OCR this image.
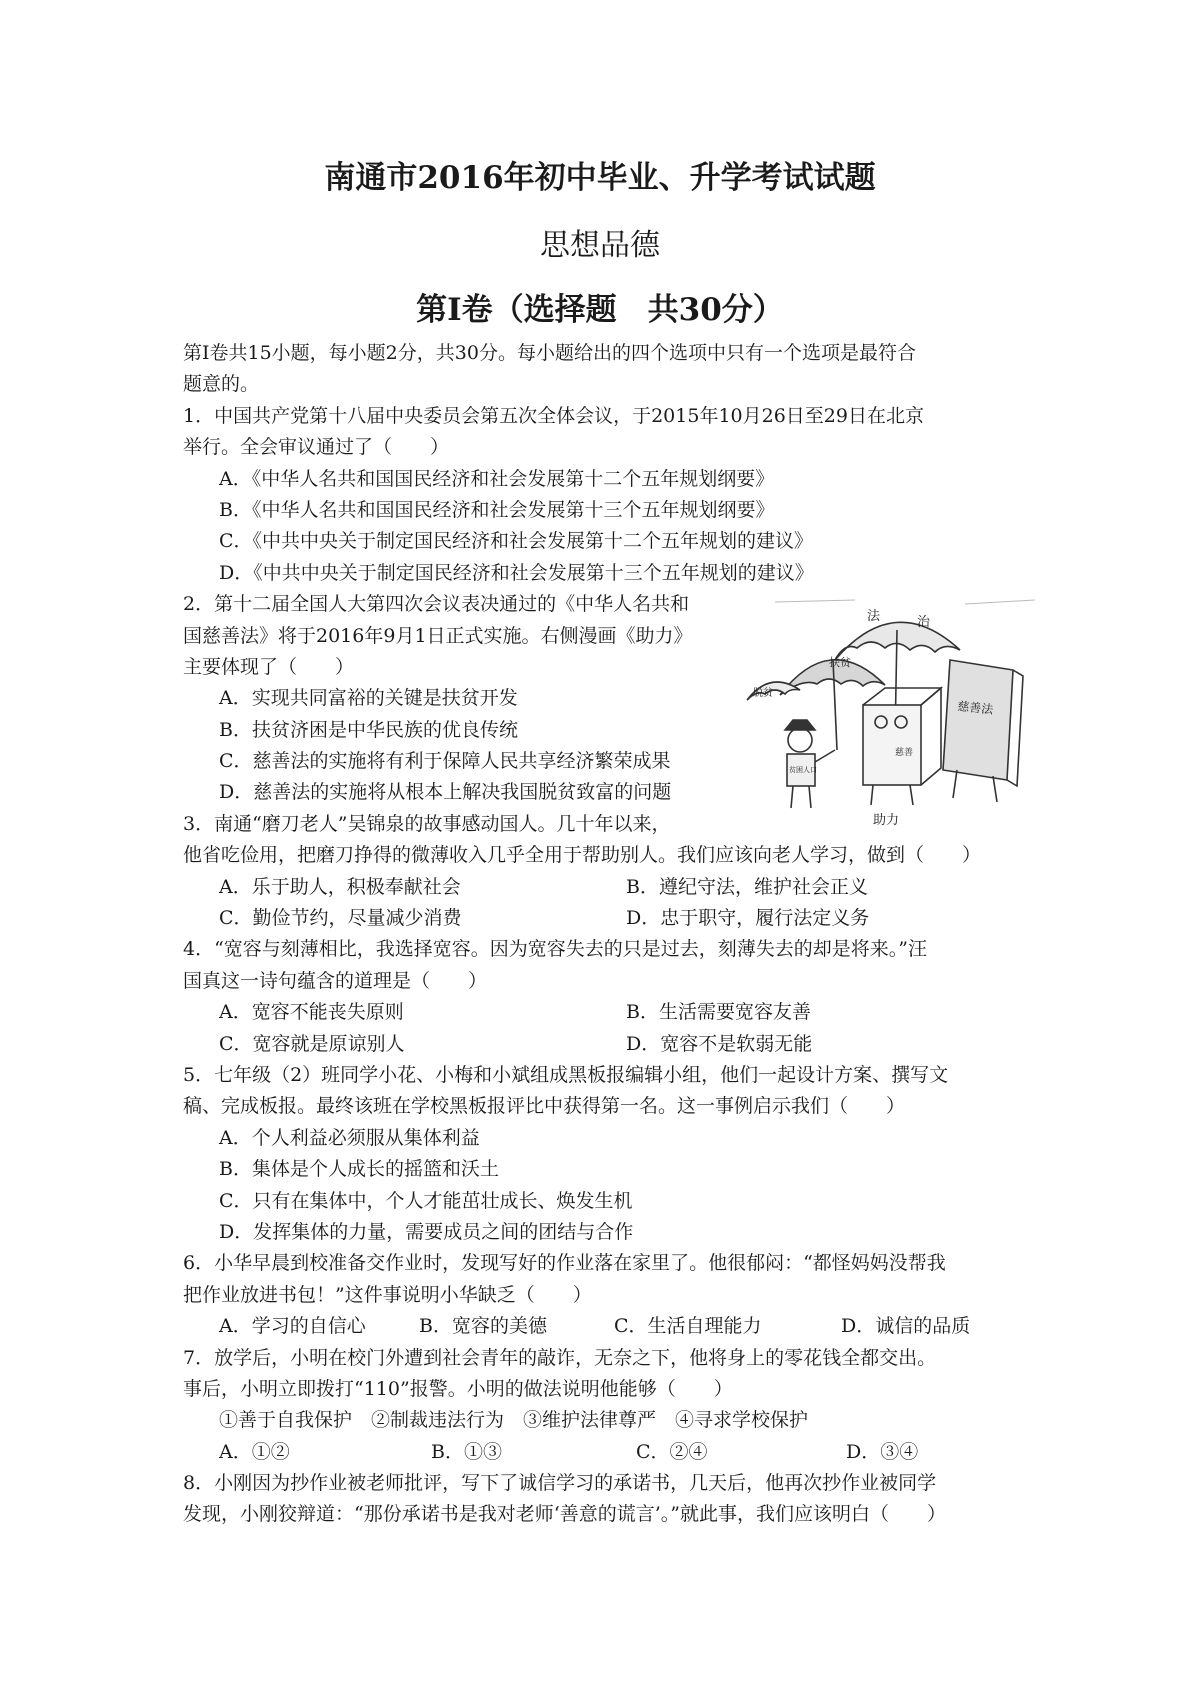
南通市2016年初中毕业、升学考试试题
思想品德
第Ⅰ卷（选择题　共30分）
第Ⅰ卷共15小题，每小题2分，共30分。每小题给出的四个选项中只有一个选项是最符合
题意的。
1．中国共产党第十八届中央委员会第五次全体会议，于2015年10月26日至29日在北京
举行。全会审议通过了（　　）
A．《中华人名共和国国民经济和社会发展第十二个五年规划纲要》
B．《中华人名共和国国民经济和社会发展第十三个五年规划纲要》
C．《中共中央关于制定国民经济和社会发展第十二个五年规划的建议》
D．《中共中央关于制定国民经济和社会发展第十三个五年规划的建议》
2．第十二届全国人大第四次会议表决通过的《中华人名共和
国慈善法》将于2016年9月1日正式实施。右侧漫画《助力》
主要体现了（　　）
A．实现共同富裕的关键是扶贫开发
B．扶贫济困是中华民族的优良传统
C．慈善法的实施将有利于保障人民共享经济繁荣成果
D．慈善法的实施将从根本上解决我国脱贫致富的问题
3．南通“磨刀老人”吴锦泉的故事感动国人。几十年以来，
他省吃俭用，把磨刀挣得的微薄收入几乎全用于帮助别人。我们应该向老人学习，做到（　　）
A．乐于助人，积极奉献社会	B．遵纪守法，维护社会正义
C．勤俭节约，尽量减少消费	D．忠于职守，履行法定义务
4．“宽容与刻薄相比，我选择宽容。因为宽容失去的只是过去，刻薄失去的却是将来。”汪
国真这一诗句蕴含的道理是（　　）
A．宽容不能丧失原则	B．生活需要宽容友善
C．宽容就是原谅别人	D．宽容不是软弱无能
5．七年级（2）班同学小花、小梅和小斌组成黑板报编辑小组，他们一起设计方案、撰写文
稿、完成板报。最终该班在学校黑板报评比中获得第一名。这一事例启示我们（　　）
A．个人利益必须服从集体利益
B．集体是个人成长的摇篮和沃土
C．只有在集体中，个人才能茁壮成长、焕发生机
D．发挥集体的力量，需要成员之间的团结与合作
6．小华早晨到校准备交作业时，发现写好的作业落在家里了。他很郁闷：“都怪妈妈没帮我
把作业放进书包！”这件事说明小华缺乏（　　）
A．学习的自信心	B．宽容的美德	C．生活自理能力	D．诚信的品质
7．放学后，小明在校门外遭到社会青年的敲诈，无奈之下，他将身上的零花钱全都交出。
事后，小明立即拨打“110”报警。小明的做法说明他能够（　　）
①善于自我保护　②制裁违法行为　③维护法律尊严　④寻求学校保护
A．①②	B．①③	C．②④	D．③④
8．小刚因为抄作业被老师批评，写下了诚信学习的承诺书，几天后，他再次抄作业被同学
发现，小刚狡辩道：“那份承诺书是我对老师‘善意的谎言’。”就此事，我们应该明白（　　）
扶贫
法	治
脱贫
慈善法
慈善
贫困人口
助力
